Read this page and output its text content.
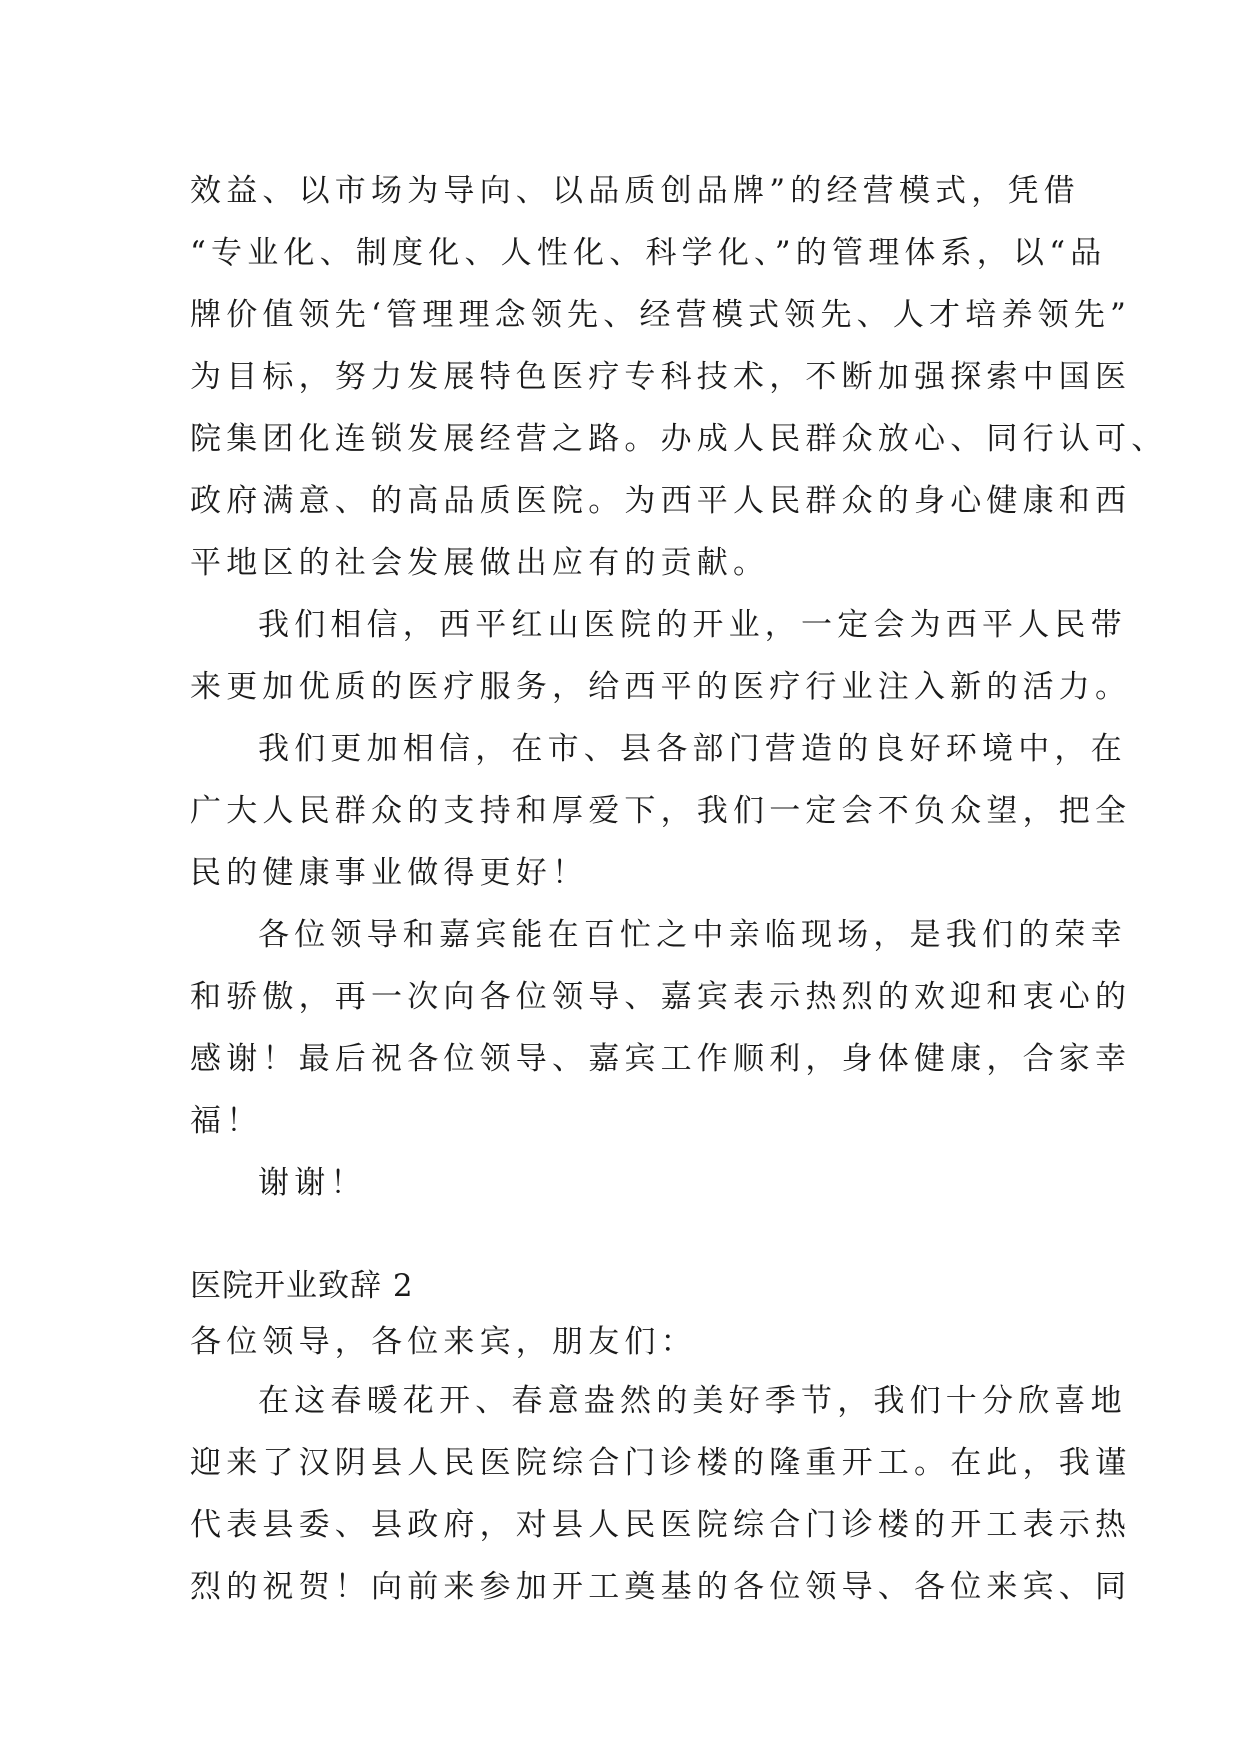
效益、以市场为导向、以品质创品牌”的经营模式，凭借
“专业化、制度化、人性化、科学化、”的管理体系，以“品
牌价值领先‘管理理念领先、经营模式领先、人才培养领先”
为目标，努力发展特色医疗专科技术，不断加强探索中国医
院集团化连锁发展经营之路。办成人民群众放心、同行认可、
政府满意、的高品质医院。为西平人民群众的身心健康和西
平地区的社会发展做出应有的贡献。
我们相信，西平红山医院的开业，一定会为西平人民带
来更加优质的医疗服务，给西平的医疗行业注入新的活力。
我们更加相信，在市、县各部门营造的良好环境中，在
广大人民群众的支持和厚爱下，我们一定会不负众望，把全
民的健康事业做得更好！
各位领导和嘉宾能在百忙之中亲临现场，是我们的荣幸
和骄傲，再一次向各位领导、嘉宾表示热烈的欢迎和衷心的
感谢！最后祝各位领导、嘉宾工作顺利，身体健康，合家幸
福！
谢谢！
医院开业致辞 2
各位领导，各位来宾，朋友们：
在这春暖花开、春意盎然的美好季节，我们十分欣喜地
迎来了汉阴县人民医院综合门诊楼的隆重开工。在此，我谨
代表县委、县政府，对县人民医院综合门诊楼的开工表示热
烈的祝贺！向前来参加开工奠基的各位领导、各位来宾、同
